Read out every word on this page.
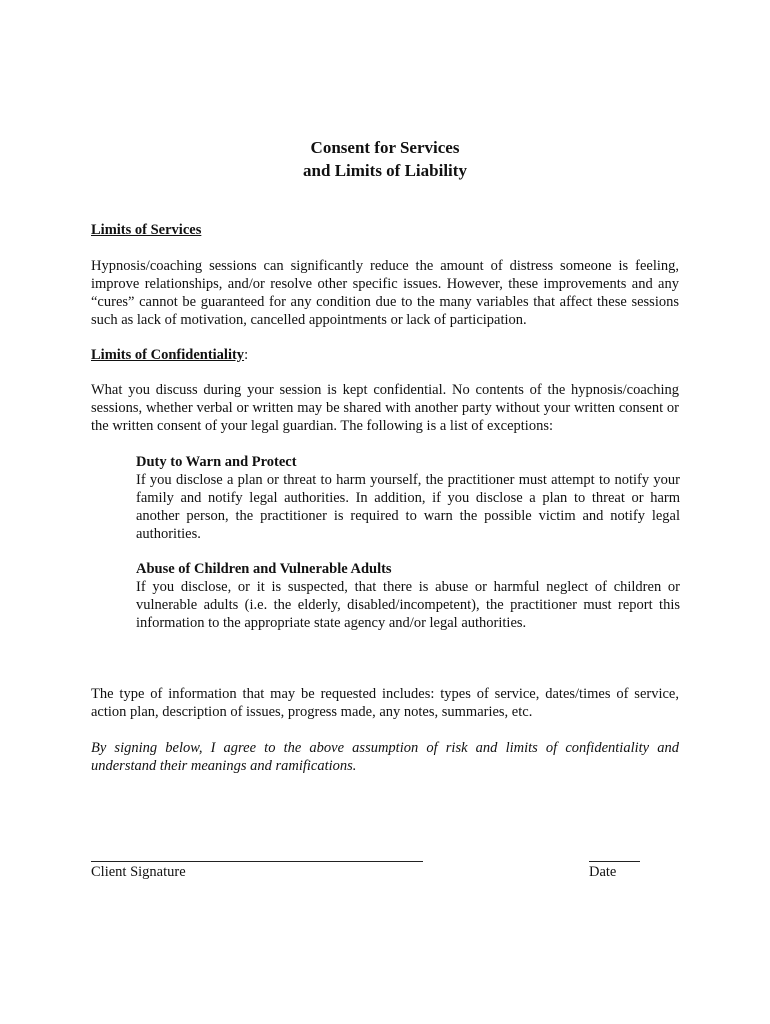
Consent for Services
and Limits of Liability
Limits of Services
Hypnosis/coaching sessions can significantly reduce the amount of distress someone is feeling, improve relationships, and/or resolve other specific issues. However, these improvements and any “cures” cannot be guaranteed for any condition due to the many variables that affect these sessions such as lack of motivation, cancelled appointments or lack of participation.
Limits of Confidentiality:
What you discuss during your session is kept confidential. No contents of the hypnosis/coaching sessions, whether verbal or written may be shared with another party without your written consent or the written consent of your legal guardian. The following is a list of exceptions:
Duty to Warn and Protect
If you disclose a plan or threat to harm yourself, the practitioner must attempt to notify your family and notify legal authorities. In addition, if you disclose a plan to threat or harm another person, the practitioner is required to warn the possible victim and notify legal authorities.
Abuse of Children and Vulnerable Adults
If you disclose, or it is suspected, that there is abuse or harmful neglect of children or vulnerable adults (i.e. the elderly, disabled/incompetent), the practitioner must report this information to the appropriate state agency and/or legal authorities.
The type of information that may be requested includes: types of service, dates/times of service, action plan, description of issues, progress made, any notes, summaries, etc.
By signing below, I agree to the above assumption of risk and limits of confidentiality and understand their meanings and ramifications.
Client Signature	Date
